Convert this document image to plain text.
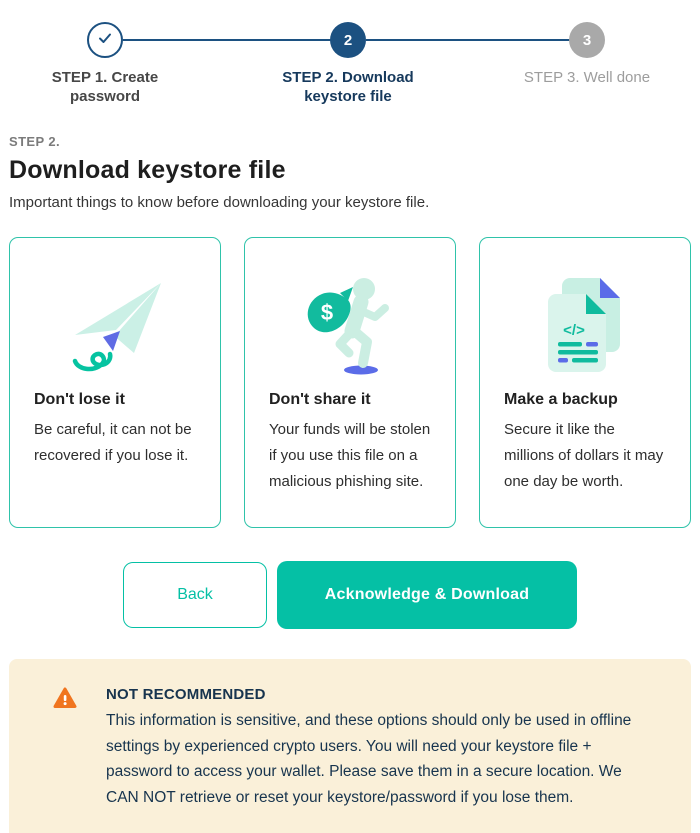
2	3
STEP 1. Create
password
STEP 2. Download
keystore file
STEP 3. Well done
STEP 2.
Download keystore file
Important things to know before downloading your keystore file.
Don't lose it
Be careful, it can not be recovered if you lose it.
$
Don't share it
Your funds will be stolen if you use this file on a malicious phishing site.
</>
Make a backup
Secure it like the millions of dollars it may one day be worth.
Back	Acknowledge & Download
NOT RECOMMENDED
This information is sensitive, and these options should only be used in offline settings by experienced crypto users. You will need your keystore file + password to access your wallet. Please save them in a secure location. We CAN NOT retrieve or reset your keystore/password if you lose them.
